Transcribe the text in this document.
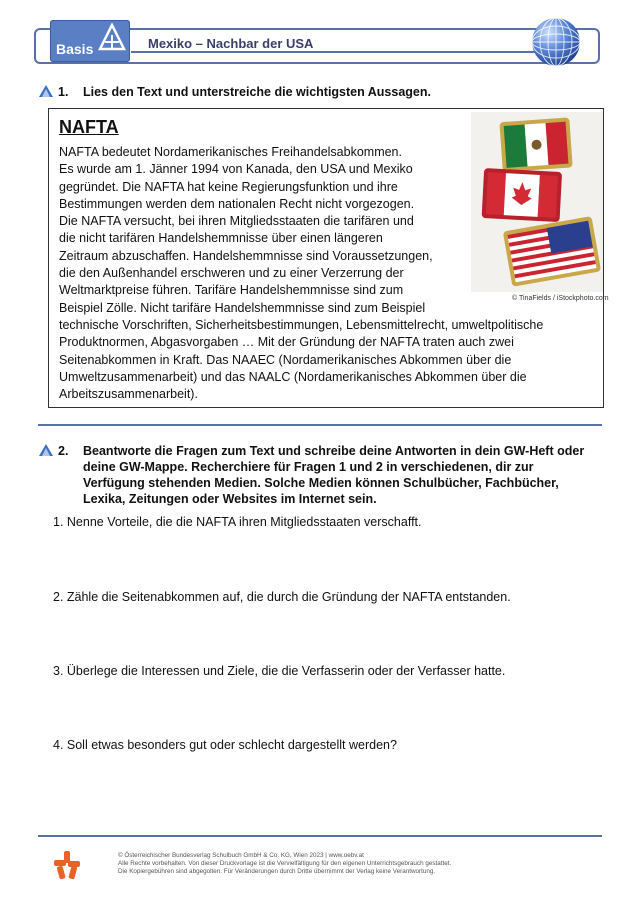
Basis	Mexiko – Nachbar der USA
1. Lies den Text und unterstreiche die wichtigsten Aussagen.
NAFTA
NAFTA bedeutet Nordamerikanisches Freihandelsabkommen.
Es wurde am 1. Jänner 1994 von Kanada, den USA und Mexiko
gegründet. Die NAFTA hat keine Regierungsfunktion und ihre
Bestimmungen werden dem nationalen Recht nicht vorgezogen.
Die NAFTA versucht, bei ihren Mitgliedsstaaten die tarifären und
die nicht tarifären Handelshemmnisse über einen längeren
Zeitraum abzuschaffen. Handelshemmnisse sind Voraussetzungen,
die den Außenhandel erschweren und zu einer Verzerrung der
Weltmarktpreise führen. Tarifäre Handelshemmnisse sind zum
Beispiel Zölle. Nicht tarifäre Handelshemmnisse sind zum Beispiel
technische Vorschriften, Sicherheitsbestimmungen, Lebensmittelrecht, umweltpolitische
Produktnormen, Abgasvorgaben … Mit der Gründung der NAFTA traten auch zwei
Seitenabkommen in Kraft. Das NAAEC (Nordamerikanisches Abkommen über die
Umweltzusammenarbeit) und das NAALC (Nordamerikanisches Abkommen über die
Arbeitszusammenarbeit).
© TinaFields / iStockphoto.com
2. Beantworte die Fragen zum Text und schreibe deine Antworten in dein GW-Heft oder
deine GW-Mappe. Recherchiere für Fragen 1 und 2 in verschiedenen, dir zur
Verfügung stehenden Medien. Solche Medien können Schulbücher, Fachbücher,
Lexika, Zeitungen oder Websites im Internet sein.
1. Nenne Vorteile, die die NAFTA ihren Mitgliedsstaaten verschafft.
2. Zähle die Seitenabkommen auf, die durch die Gründung der NAFTA entstanden.
3. Überlege die Interessen und Ziele, die die Verfasserin oder der Verfasser hatte.
4. Soll etwas besonders gut oder schlecht dargestellt werden?
© Österreichischer Bundesverlag Schulbuch GmbH & Co. KG, Wien 2023 | www.oebv.at
Alle Rechte vorbehalten. Von dieser Druckvorlage ist die Vervielfältigung für den eigenen Unterrichtsgebrauch gestattet.
Die Kopiergebühren sind abgegolten. Für Veränderungen durch Dritte übernimmt der Verlag keine Verantwortung.
